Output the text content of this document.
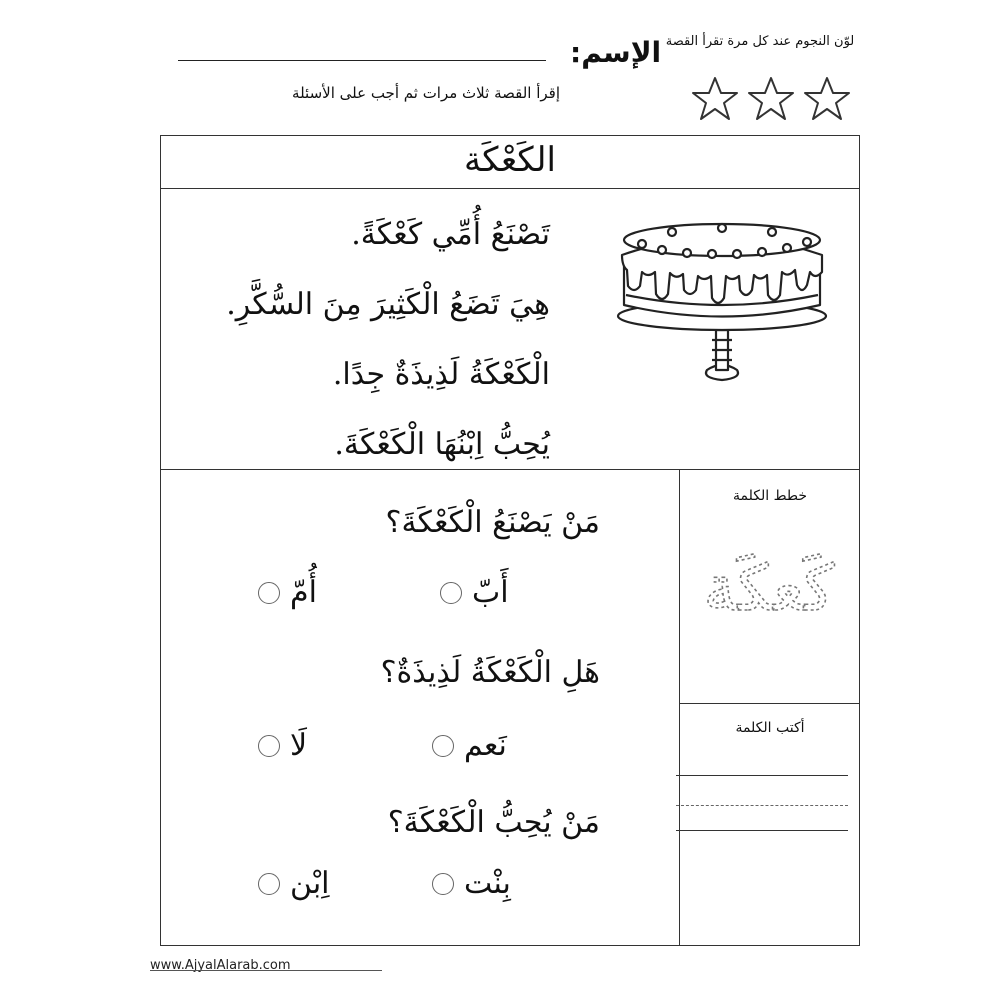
لوّن النجوم عند كل مرة تقرأ القصة
الإسم:
إقرأ القصة ثلاث مرات ثم أجب على الأسئلة
الكَعْكَة
تَصْنَعُ أُمِّي كَعْكَةً.
هِيَ تَضَعُ الْكَثِيرَ مِنَ السُّكَّرِ.
الْكَعْكَةُ لَذِيذَةٌ جِدًا.
يُحِبُّ اِبْنُهَا الْكَعْكَةَ.
مَنْ يَصْنَعُ الْكَعْكَةَ؟
أَبّ
أُمّ
هَلِ الْكَعْكَةُ لَذِيذَةٌ؟
نَعم
لَا
مَنْ يُحِبُّ الْكَعْكَةَ؟
بِنْت
اِبْن
خطط الكلمة
كَعكَة
أكتب الكلمة
www.AjyalAlarab.com
